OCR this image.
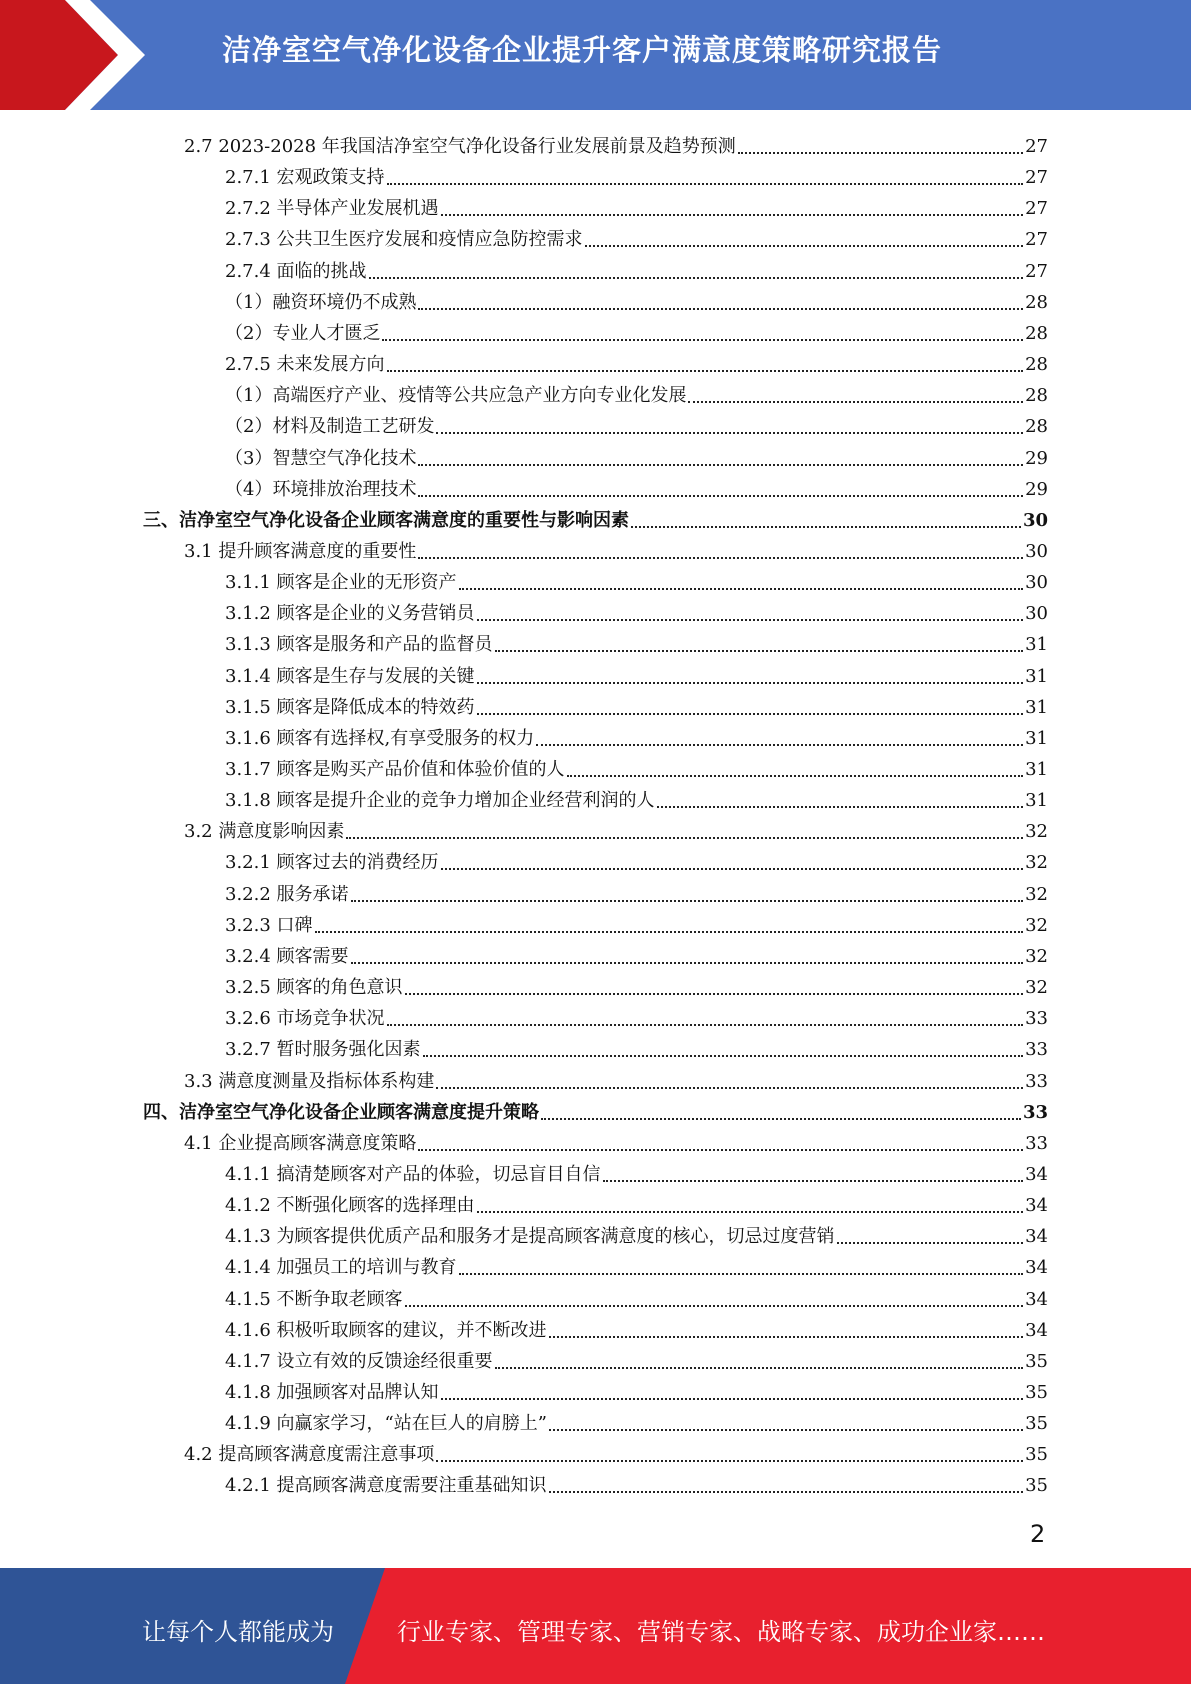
洁净室空气净化设备企业提升客户满意度策略研究报告
2.7 2023-2028 年我国洁净室空气净化设备行业发展前景及趋势预测	27
2.7.1 宏观政策支持	27
2.7.2 半导体产业发展机遇	27
2.7.3 公共卫生医疗发展和疫情应急防控需求	27
2.7.4 面临的挑战	27
（1）融资环境仍不成熟	28
（2）专业人才匮乏	28
2.7.5 未来发展方向	28
（1）高端医疗产业、疫情等公共应急产业方向专业化发展	28
（2）材料及制造工艺研发	28
（3）智慧空气净化技术	29
（4）环境排放治理技术	29
三、洁净室空气净化设备企业顾客满意度的重要性与影响因素	30
3.1 提升顾客满意度的重要性	30
3.1.1 顾客是企业的无形资产	30
3.1.2 顾客是企业的义务营销员	30
3.1.3 顾客是服务和产品的监督员	31
3.1.4 顾客是生存与发展的关键	31
3.1.5 顾客是降低成本的特效药	31
3.1.6 顾客有选择权,有享受服务的权力	31
3.1.7 顾客是购买产品价值和体验价值的人	31
3.1.8 顾客是提升企业的竞争力增加企业经营利润的人	31
3.2 满意度影响因素	32
3.2.1 顾客过去的消费经历	32
3.2.2 服务承诺	32
3.2.3 口碑	32
3.2.4 顾客需要	32
3.2.5 顾客的角色意识	32
3.2.6 市场竞争状况	33
3.2.7 暂时服务强化因素	33
3.3 满意度测量及指标体系构建	33
四、洁净室空气净化设备企业顾客满意度提升策略	33
4.1 企业提高顾客满意度策略	33
4.1.1 搞清楚顾客对产品的体验，切忌盲目自信	34
4.1.2 不断强化顾客的选择理由	34
4.1.3 为顾客提供优质产品和服务才是提高顾客满意度的核心，切忌过度营销	34
4.1.4 加强员工的培训与教育	34
4.1.5 不断争取老顾客	34
4.1.6 积极听取顾客的建议，并不断改进	34
4.1.7 设立有效的反馈途经很重要	35
4.1.8 加强顾客对品牌认知	35
4.1.9 向赢家学习，“站在巨人的肩膀上”	35
4.2 提高顾客满意度需注意事项	35
4.2.1 提高顾客满意度需要注重基础知识	35
2
让每个人都能成为	行业专家、管理专家、营销专家、战略专家、成功企业家……
